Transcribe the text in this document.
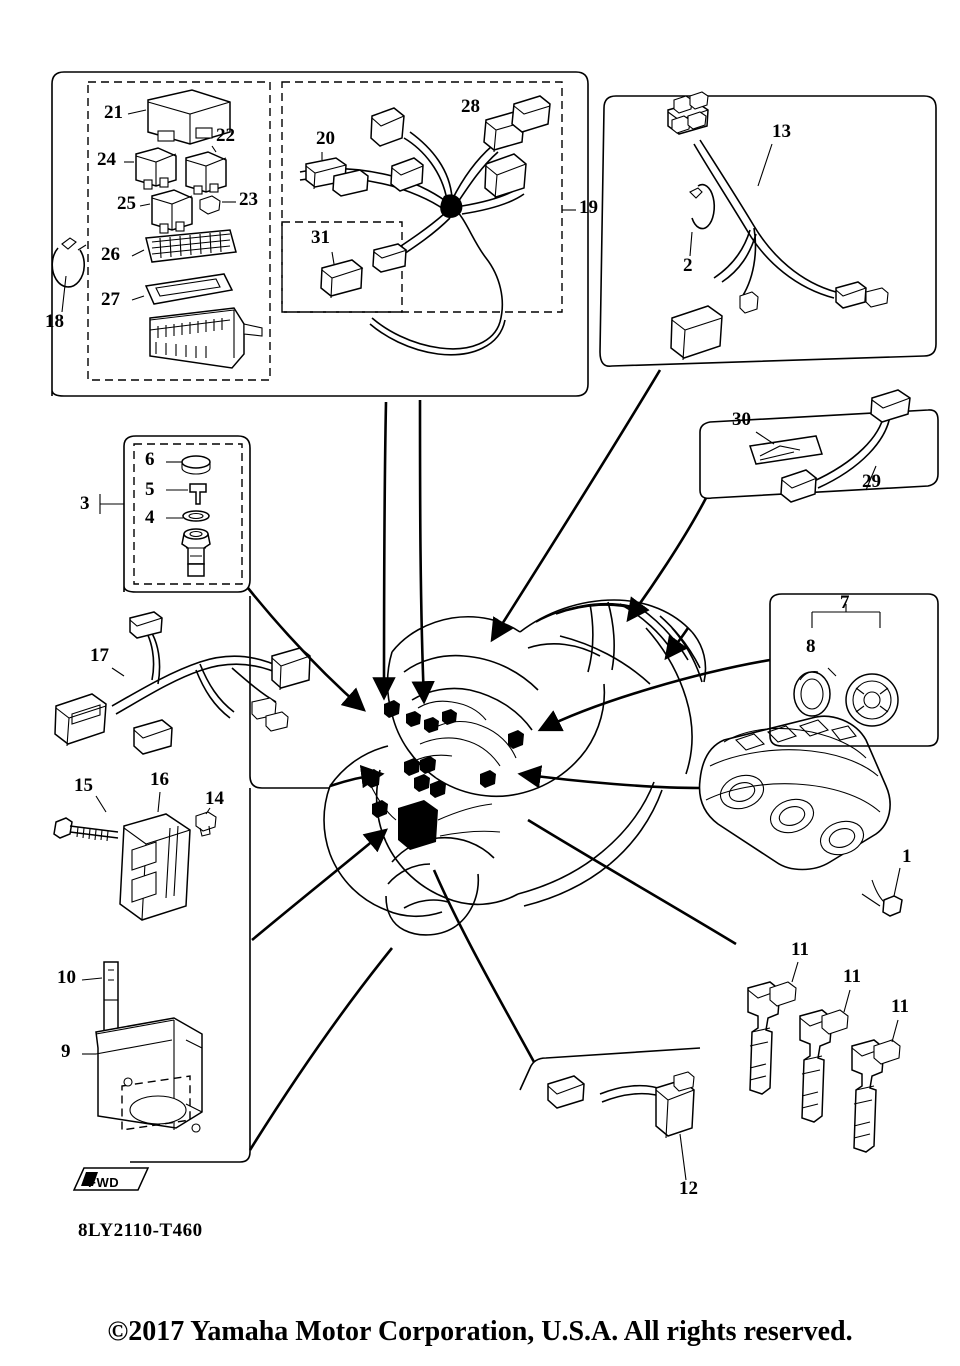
21
22
24
25	23
26
27
18
20
28
31
19
13
2
30
29
6
5
4
3
7
8
17
15	16
14
1
10
9
11
11
11
12
FWD
8LY2110-T460
©2017 Yamaha Motor Corporation, U.S.A. All rights reserved.
